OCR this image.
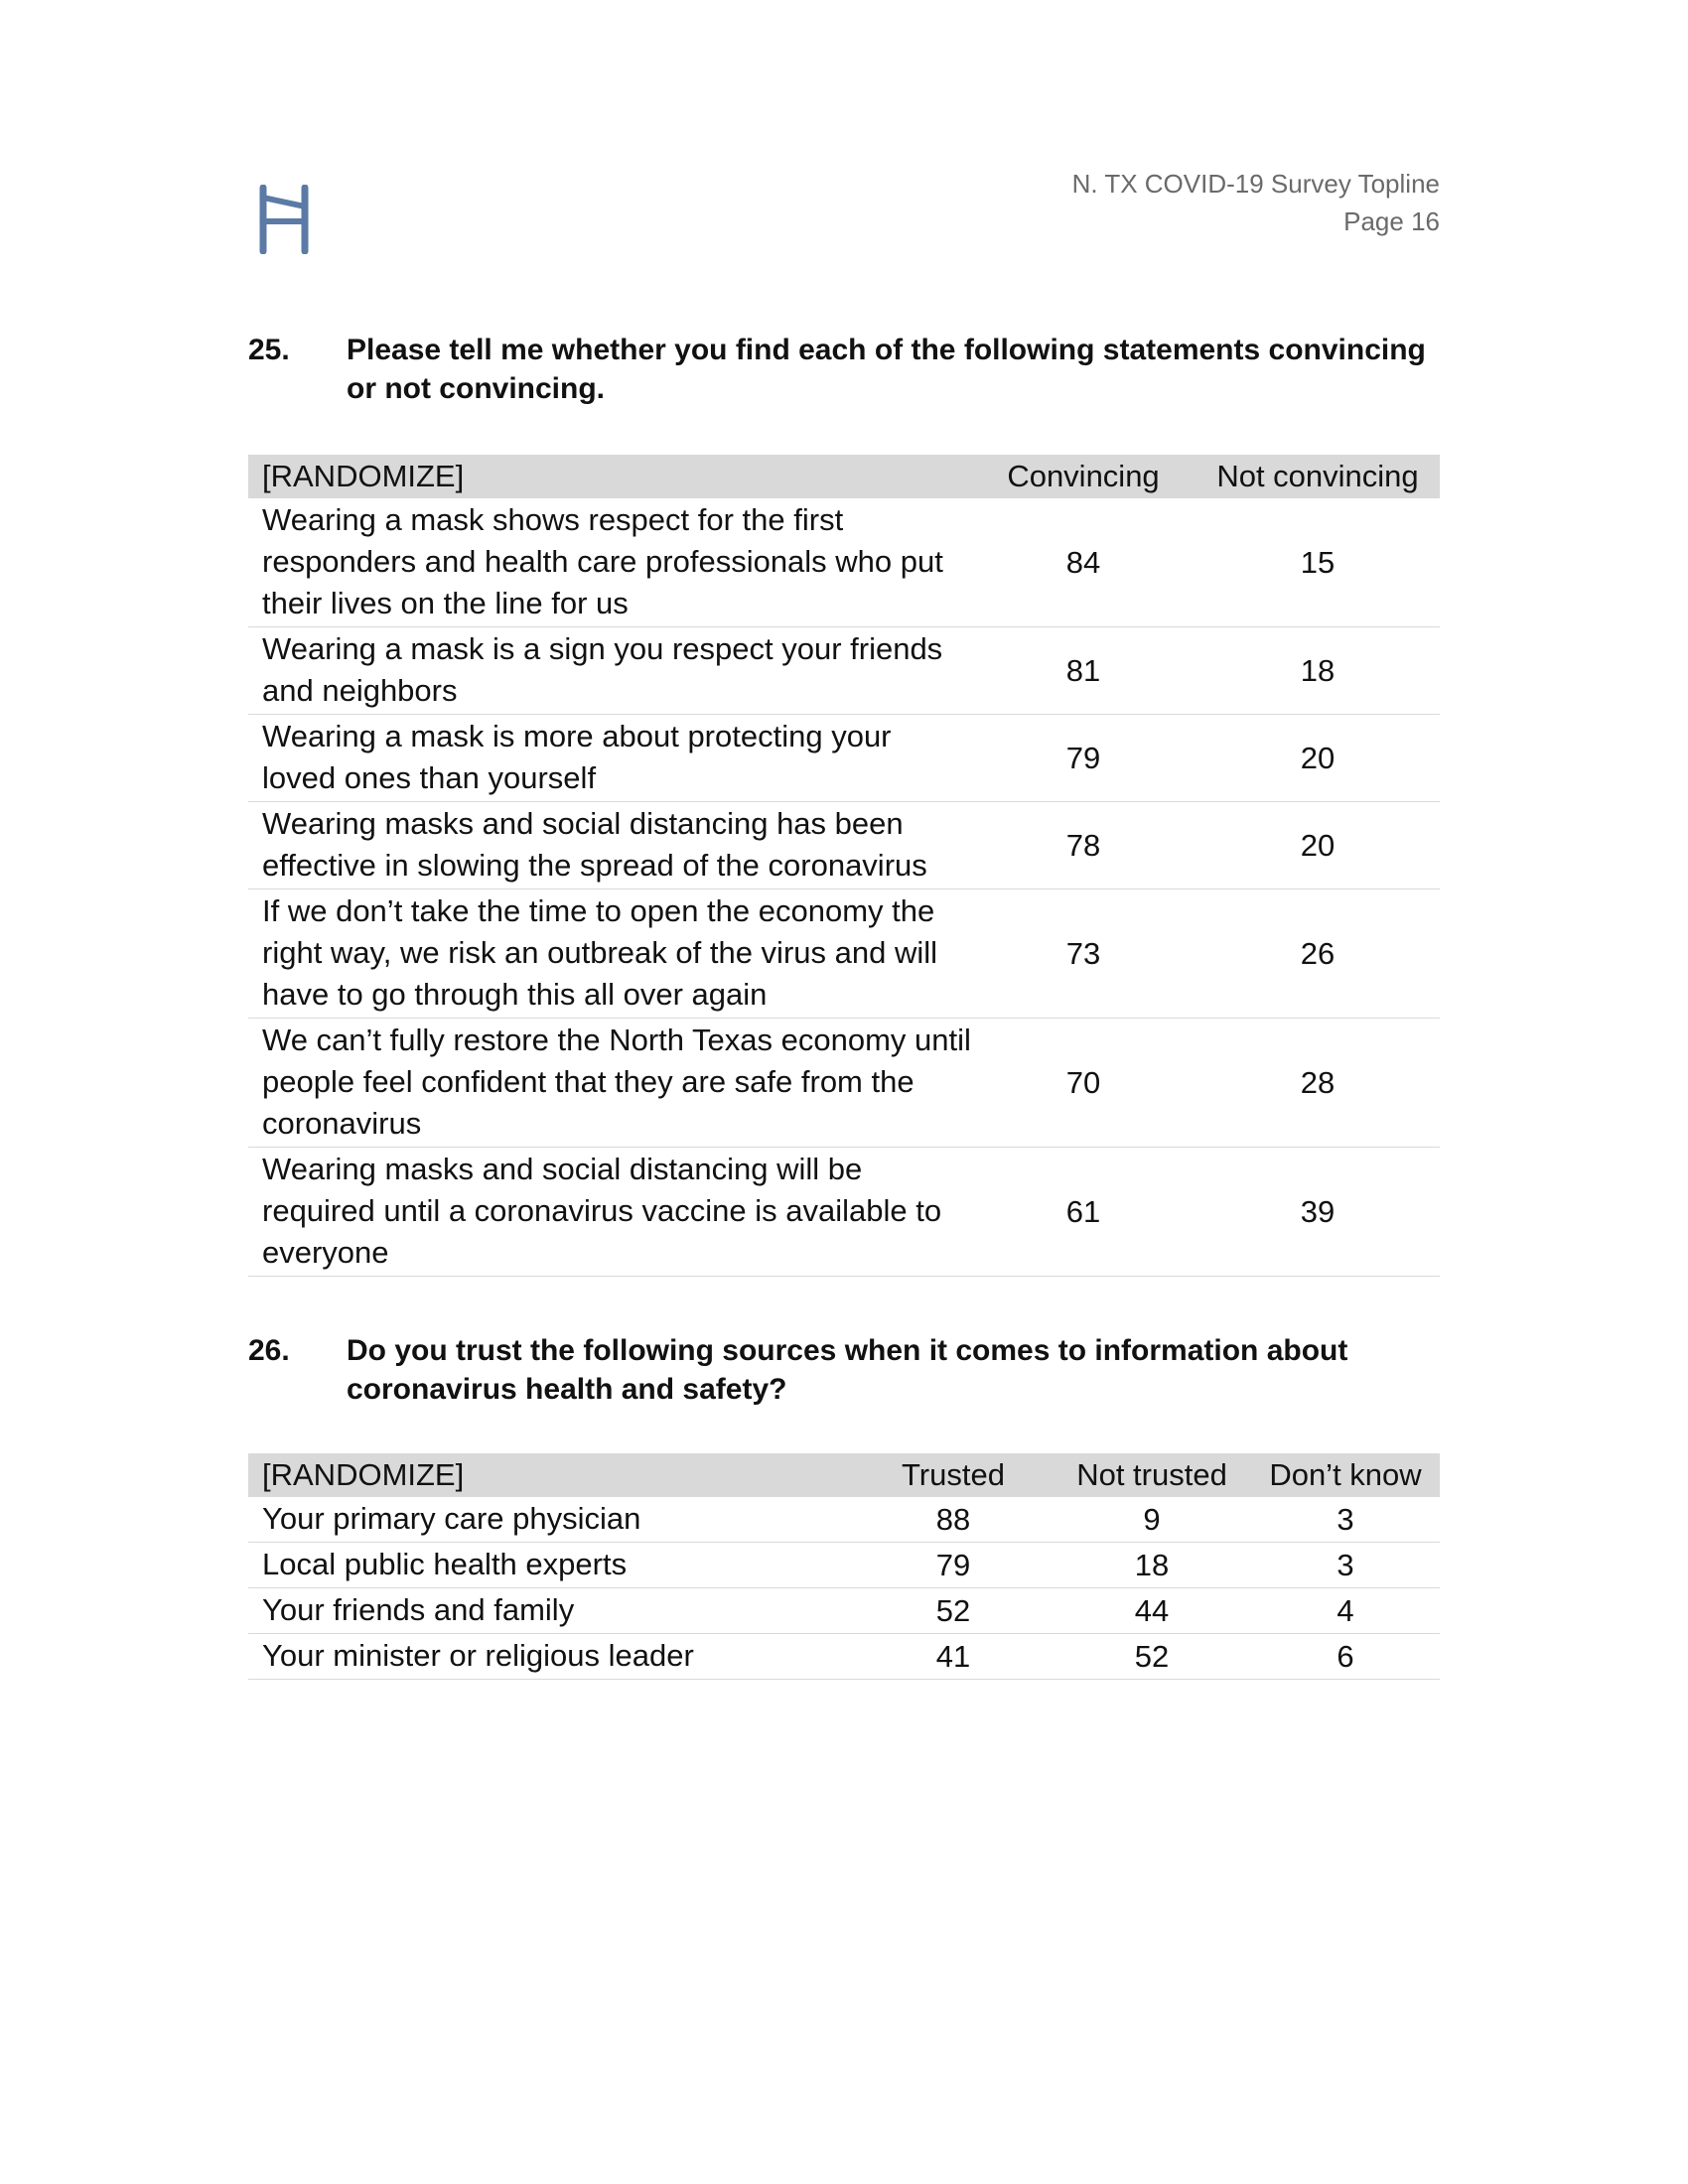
N. TX COVID-19 Survey Topline
Page 16
25.	Please tell me whether you find each of the following statements convincing or not convincing.
[RANDOMIZE]	Convincing	Not convincing
Wearing a mask shows respect for the first responders and health care professionals who put their lives on the line for us	84	15
Wearing a mask is a sign you respect your friends and neighbors	81	18
Wearing a mask is more about protecting your loved ones than yourself	79	20
Wearing masks and social distancing has been effective in slowing the spread of the coronavirus	78	20
If we don’t take the time to open the economy the right way, we risk an outbreak of the virus and will have to go through this all over again	73	26
We can’t fully restore the North Texas economy until people feel confident that they are safe from the coronavirus	70	28
Wearing masks and social distancing will be required until a coronavirus vaccine is available to everyone	61	39
26.	Do you trust the following sources when it comes to information about coronavirus health and safety?
[RANDOMIZE]	Trusted	Not trusted	Don’t know
Your primary care physician	88	9	3
Local public health experts	79	18	3
Your friends and family	52	44	4
Your minister or religious leader	41	52	6
